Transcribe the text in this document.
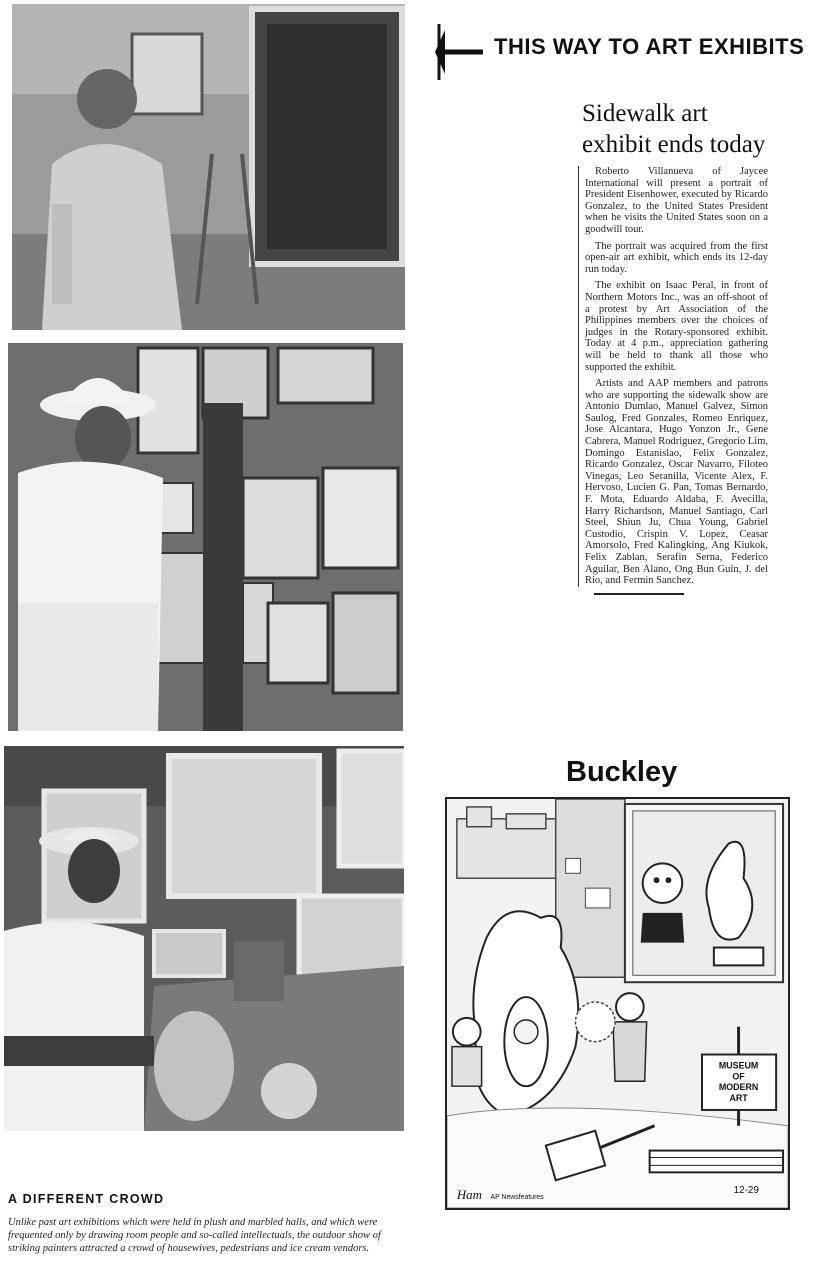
THIS WAY TO ART EXHIBITS
Sidewalk art
exhibit ends today

Roberto Villanueva of Jaycee International will present a portrait of President Eisenhower, executed by Ricardo Gonzalez, to the United States President when he visits the United States soon on a goodwill tour.

The portrait was acquired from the first open-air art exhibit, which ends its 12-day run today.

The exhibit on Isaac Peral, in front of Northern Motors Inc., was an off-shoot of a protest by Art Association of the Philippines members over the choices of judges in the Rotary-sponsored exhibit. Today at 4 p.m., appreciation gathering will be held to thank all those who supported the exhibit.

Artists and AAP members and patrons who are supporting the sidewalk show are Antonio Dumlao, Manuel Galvez, Simon Saulog, Fred Gonzales, Romeo Enriquez, Jose Alcantara, Hugo Yonzon Jr., Gene Cabrera, Manuel Rodriguez, Gregorio Lim, Domingo Estanislao, Felix Gonzalez, Ricardo Gonzalez, Oscar Navarro, Filoteo Vinegas, Leo Seranilla, Vicente Alex, F. Hervoso, Lucien G. Pan, Tomas Bernardo, F. Mota, Eduardo Aldaba, F. Avecilla, Harry Richardson, Manuel Santiago, Carl Steel, Shiun Ju, Chua Young, Gabriel Custodio, Crispin V. Lopez, Ceasar Amorsolo, Fred Kalingking, Ang Kiukok, Felix Zablan, Serafin Serna, Federico Aguilar, Ben Alano, Ong Bun Guin, J. del Rio, and Fermin Sanchez.

Buckley
MUSEUM
OF
MODERN
ART
Ham AP Newsfeatures
12-29
A DIFFERENT CROWD
Unlike past art exhibitions which were held in plush and marbled halls, and which were frequented only by drawing room people and so-called intellectuals, the outdoor show of striking painters attracted a crowd of housewives, pedestrians and ice cream vendors.
